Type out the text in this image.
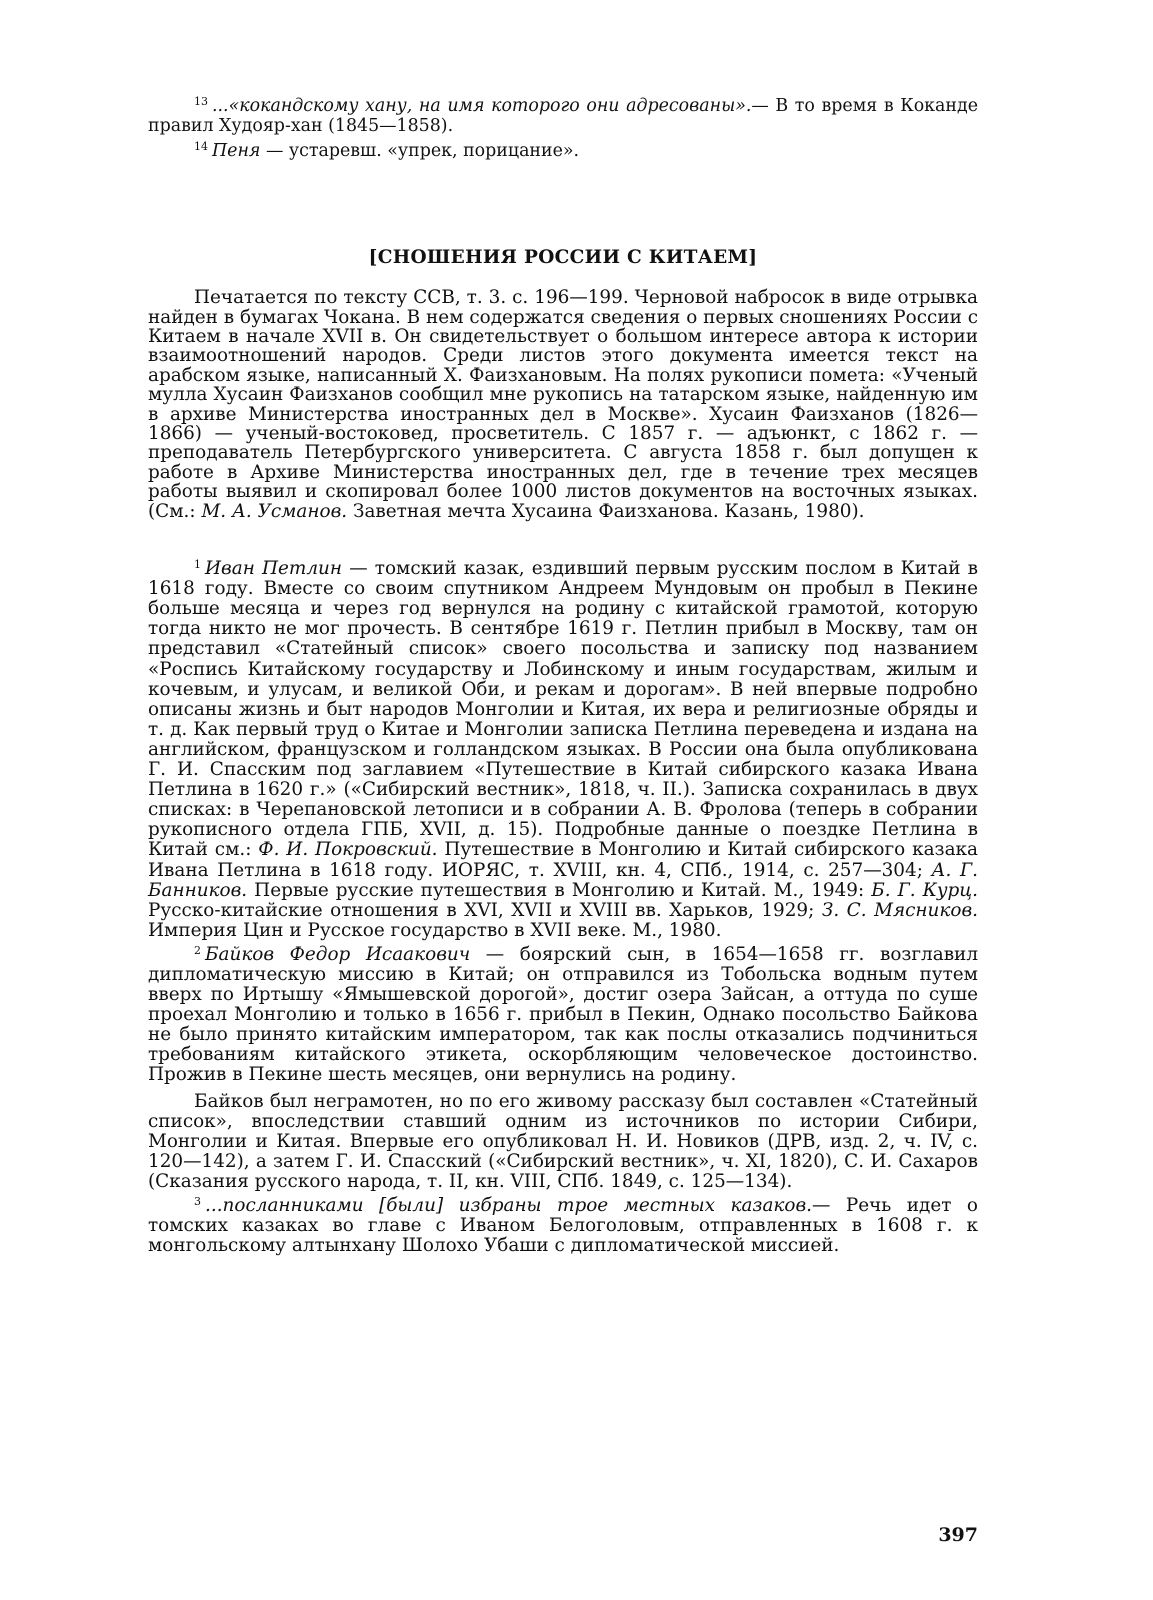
$^{13}$ ...«кокандскому хану, на имя которого они адресованы».— В то время в Коканде правил Худояр-хан (1845—1858).

$^{14}$ Пеня — устаревш. «упрек, порицание».

[СНОШЕНИЯ РОССИИ С КИТАЕМ]

Печатается по тексту ССВ, т. 3. с. 196—199. Черновой набросок в виде отрывка найден в бумагах Чокана. В нем содержатся сведения о первых сношениях России с Китаем в начале XVII в. Он свидетельствует о большом интересе автора к истории взаимоотношений народов. Среди листов этого документа имеется текст на арабском языке, написанный Х. Фаизхановым. На полях рукописи помета: «Ученый мулла Хусаин Фаизханов сообщил мне рукопись на татарском языке, найденную им в архиве Министерства иностранных дел в Москве». Хусаин Фаизханов (1826—1866) — ученый-востоковед, просветитель. С 1857 г. — адъюнкт, с 1862 г. — преподаватель Петербургского университета. С августа 1858 г. был допущен к работе в Архиве Министерства иностранных дел, где в течение трех месяцев работы выявил и скопировал более 1000 листов документов на восточных языках. (См.: М. А. Усманов. Заветная мечта Хусаина Фаизханова. Казань, 1980).

$^1$ Иван Петлин — томский казак, ездивший первым русским послом в Китай в 1618 году. Вместе со своим спутником Андреем Мундовым он пробыл в Пекине больше месяца и через год вернулся на родину с китайской грамотой, которую тогда никто не мог прочесть. В сентябре 1619 г. Петлин прибыл в Москву, там он представил «Статейный список» своего посольства и записку под названием «Роспись Китайскому государству и Лобинскому и иным государствам, жилым и кочевым, и улусам, и великой Оби, и рекам и дорогам». В ней впервые подробно описаны жизнь и быт народов Монголии и Китая, их вера и религиозные обряды и т. д. Как первый труд о Китае и Монголии записка Петлина переведена и издана на английском, французском и голландском языках. В России она была опубликована Г. И. Спасским под заглавием «Путешествие в Китай сибирского казака Ивана Петлина в 1620 г.» («Сибирский вестник», 1818, ч. II.). Записка сохранилась в двух списках: в Черепановской летописи и в собрании А. В. Фролова (теперь в собрании рукописного отдела ГПБ, XVII, д. 15). Подробные данные о поездке Петлина в Китай см.: Ф. И. Покровский. Путешествие в Монголию и Китай сибирского казака Ивана Петлина в 1618 году. ИОРЯС, т. XVIII, кн. 4, СПб., 1914, с. 257—304; А. Г. Банников. Первые русские путешествия в Монголию и Китай. М., 1949: Б. Г. Курц. Русско-китайские отношения в XVI, XVII и XVIII вв. Харьков, 1929; З. С. Мясников. Империя Цин и Русское государство в XVII веке. М., 1980.

$^2$ Байков Федор Исаакович — боярский сын, в 1654—1658 гг. возглавил дипломатическую миссию в Китай; он отправился из Тобольска водным путем вверх по Иртышу «Ямышевской дорогой», достиг озера Зайсан, а оттуда по суше проехал Монголию и только в 1656 г. прибыл в Пекин, Однако посольство Байкова не было принято китайским императором, так как послы отказались подчиниться требованиям китайского этикета, оскорбляющим человеческое достоинство. Прожив в Пекине шесть месяцев, они вернулись на родину.

Байков был неграмотен, но по его живому рассказу был составлен «Статейный список», впоследствии ставший одним из источников по истории Сибири, Монголии и Китая. Впервые его опубликовал Н. И. Новиков (ДРВ, изд. 2, ч. IV, с. 120—142), а затем Г. И. Спасский («Сибирский вестник», ч. XI, 1820), С. И. Сахаров (Сказания русского народа, т. II, кн. VIII, СПб. 1849, с. 125—134).

$^3$ ...посланниками [были] избраны трое местных казаков.— Речь идет о томских казаках во главе с Иваном Белоголовым, отправленных в 1608 г. к монгольскому алтынхану Шолохо Убаши с дипломатической миссией.

397
